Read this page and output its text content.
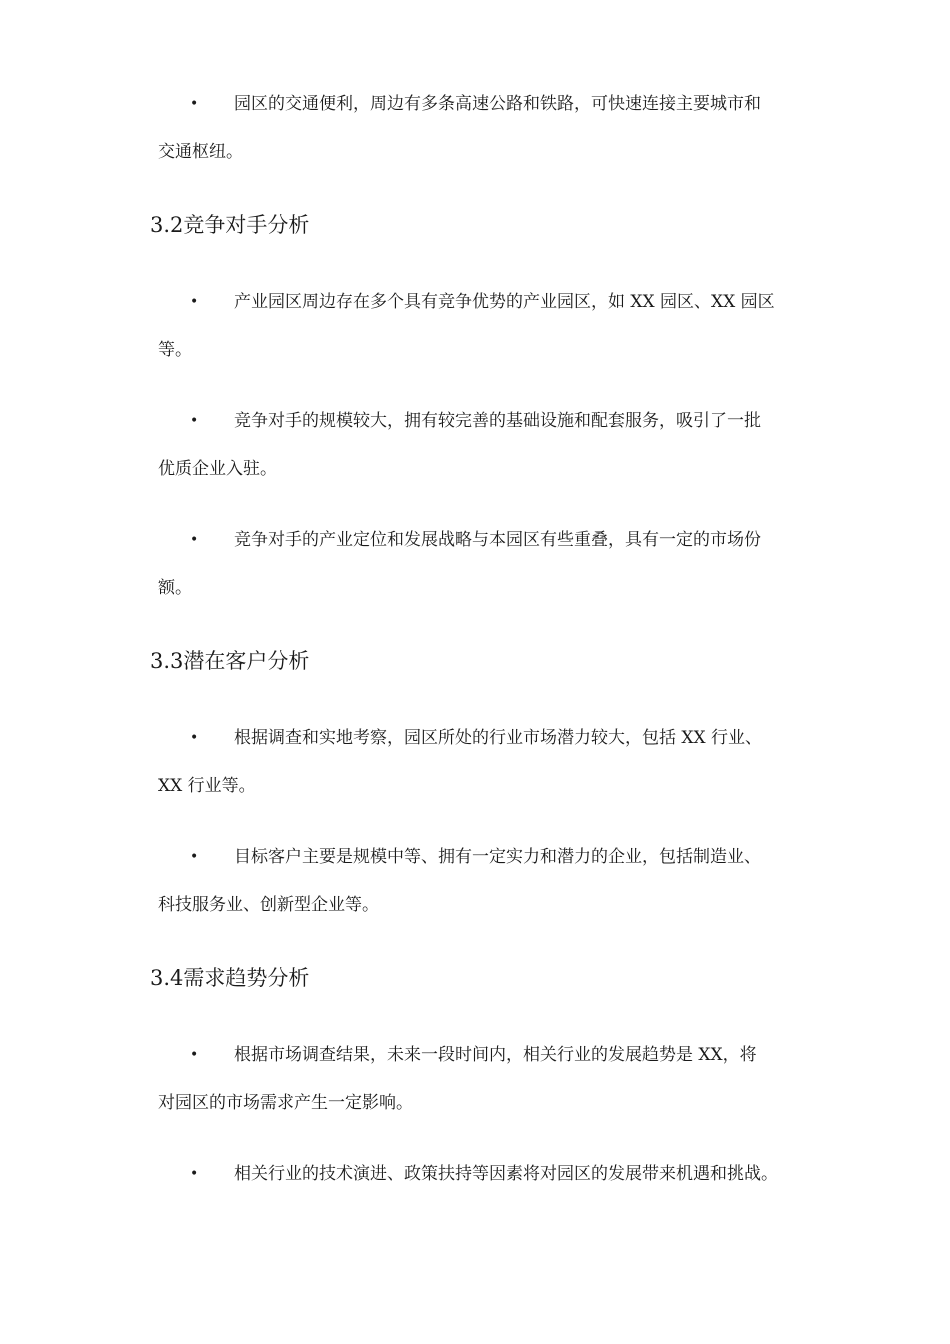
• 园区的交通便利，周边有多条高速公路和铁路，可快速连接主要城市和
交通枢纽。
3.2竞争对手分析
• 产业园区周边存在多个具有竞争优势的产业园区，如 XX 园区、XX 园区
等。
• 竞争对手的规模较大，拥有较完善的基础设施和配套服务，吸引了一批
优质企业入驻。
• 竞争对手的产业定位和发展战略与本园区有些重叠，具有一定的市场份
额。
3.3潜在客户分析
• 根据调查和实地考察，园区所处的行业市场潜力较大，包括 XX 行业、
XX 行业等。
• 目标客户主要是规模中等、拥有一定实力和潜力的企业，包括制造业、
科技服务业、创新型企业等。
3.4需求趋势分析
• 根据市场调查结果，未来一段时间内，相关行业的发展趋势是 XX，将
对园区的市场需求产生一定影响。
• 相关行业的技术演进、政策扶持等因素将对园区的发展带来机遇和挑战。
